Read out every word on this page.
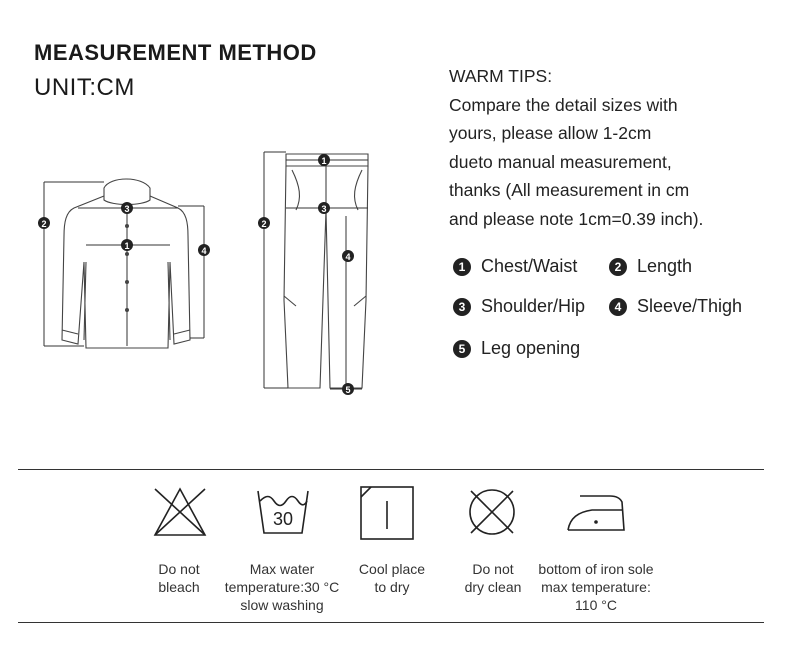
MEASUREMENT METHOD
UNIT:CM
1
2
3
4
1
2
3
4
5
WARM TIPS:
Compare the detail sizes with
yours, please allow 1-2cm
dueto manual measurement,
thanks (All measurement in cm
and please note 1cm=0.39 inch).
1 Chest/Waist	2 Length
3 Shoulder/Hip	4 Sleeve/Thigh
5 Leg opening
30
Do not
bleach
Max water
temperature:30 °C
slow washing
Cool place
to dry
Do not
dry clean
bottom of iron sole
max temperature:
110 °C
